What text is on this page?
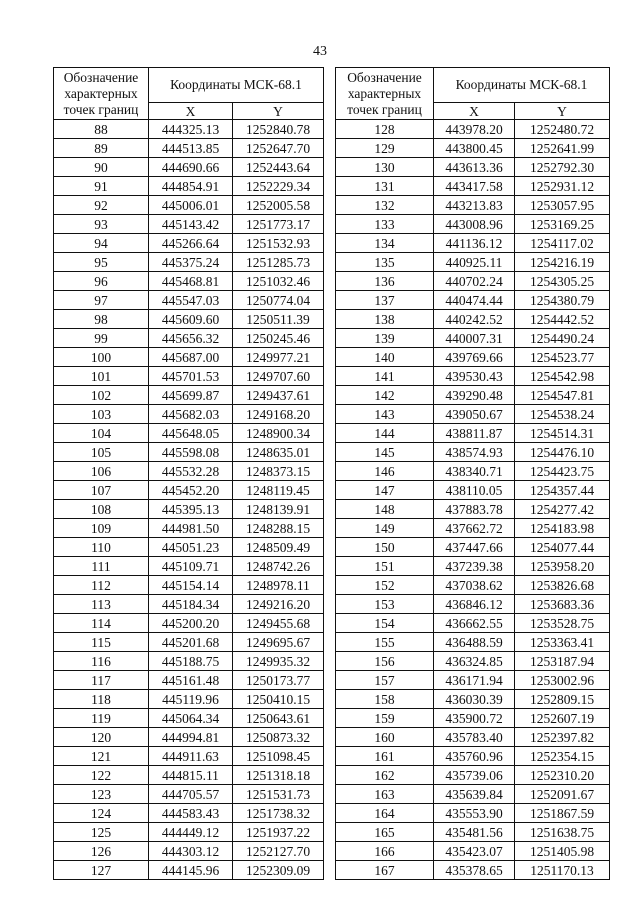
43
Обозначение характерных точек границ	Координаты МСК-68.1	
	X	Y
88	444325.13	1252840.78
89	444513.85	1252647.70
90	444690.66	1252443.64
91	444854.91	1252229.34
92	445006.01	1252005.58
93	445143.42	1251773.17
94	445266.64	1251532.93
95	445375.24	1251285.73
96	445468.81	1251032.46
97	445547.03	1250774.04
98	445609.60	1250511.39
99	445656.32	1250245.46
100	445687.00	1249977.21
101	445701.53	1249707.60
102	445699.87	1249437.61
103	445682.03	1249168.20
104	445648.05	1248900.34
105	445598.08	1248635.01
106	445532.28	1248373.15
107	445452.20	1248119.45
108	445395.13	1248139.91
109	444981.50	1248288.15
110	445051.23	1248509.49
111	445109.71	1248742.26
112	445154.14	1248978.11
113	445184.34	1249216.20
114	445200.20	1249455.68
115	445201.68	1249695.67
116	445188.75	1249935.32
117	445161.48	1250173.77
118	445119.96	1250410.15
119	445064.34	1250643.61
120	444994.81	1250873.32
121	444911.63	1251098.45
122	444815.11	1251318.18
123	444705.57	1251531.73
124	444583.43	1251738.32
125	444449.12	1251937.22
126	444303.12	1252127.70
127	444145.96	1252309.09
Обозначение характерных точек границ	Координаты МСК-68.1	
	X	Y
128	443978.20	1252480.72
129	443800.45	1252641.99
130	443613.36	1252792.30
131	443417.58	1252931.12
132	443213.83	1253057.95
133	443008.96	1253169.25
134	441136.12	1254117.02
135	440925.11	1254216.19
136	440702.24	1254305.25
137	440474.44	1254380.79
138	440242.52	1254442.52
139	440007.31	1254490.24
140	439769.66	1254523.77
141	439530.43	1254542.98
142	439290.48	1254547.81
143	439050.67	1254538.24
144	438811.87	1254514.31
145	438574.93	1254476.10
146	438340.71	1254423.75
147	438110.05	1254357.44
148	437883.78	1254277.42
149	437662.72	1254183.98
150	437447.66	1254077.44
151	437239.38	1253958.20
152	437038.62	1253826.68
153	436846.12	1253683.36
154	436662.55	1253528.75
155	436488.59	1253363.41
156	436324.85	1253187.94
157	436171.94	1253002.96
158	436030.39	1252809.15
159	435900.72	1252607.19
160	435783.40	1252397.82
161	435760.96	1252354.15
162	435739.06	1252310.20
163	435639.84	1252091.67
164	435553.90	1251867.59
165	435481.56	1251638.75
166	435423.07	1251405.98
167	435378.65	1251170.13
